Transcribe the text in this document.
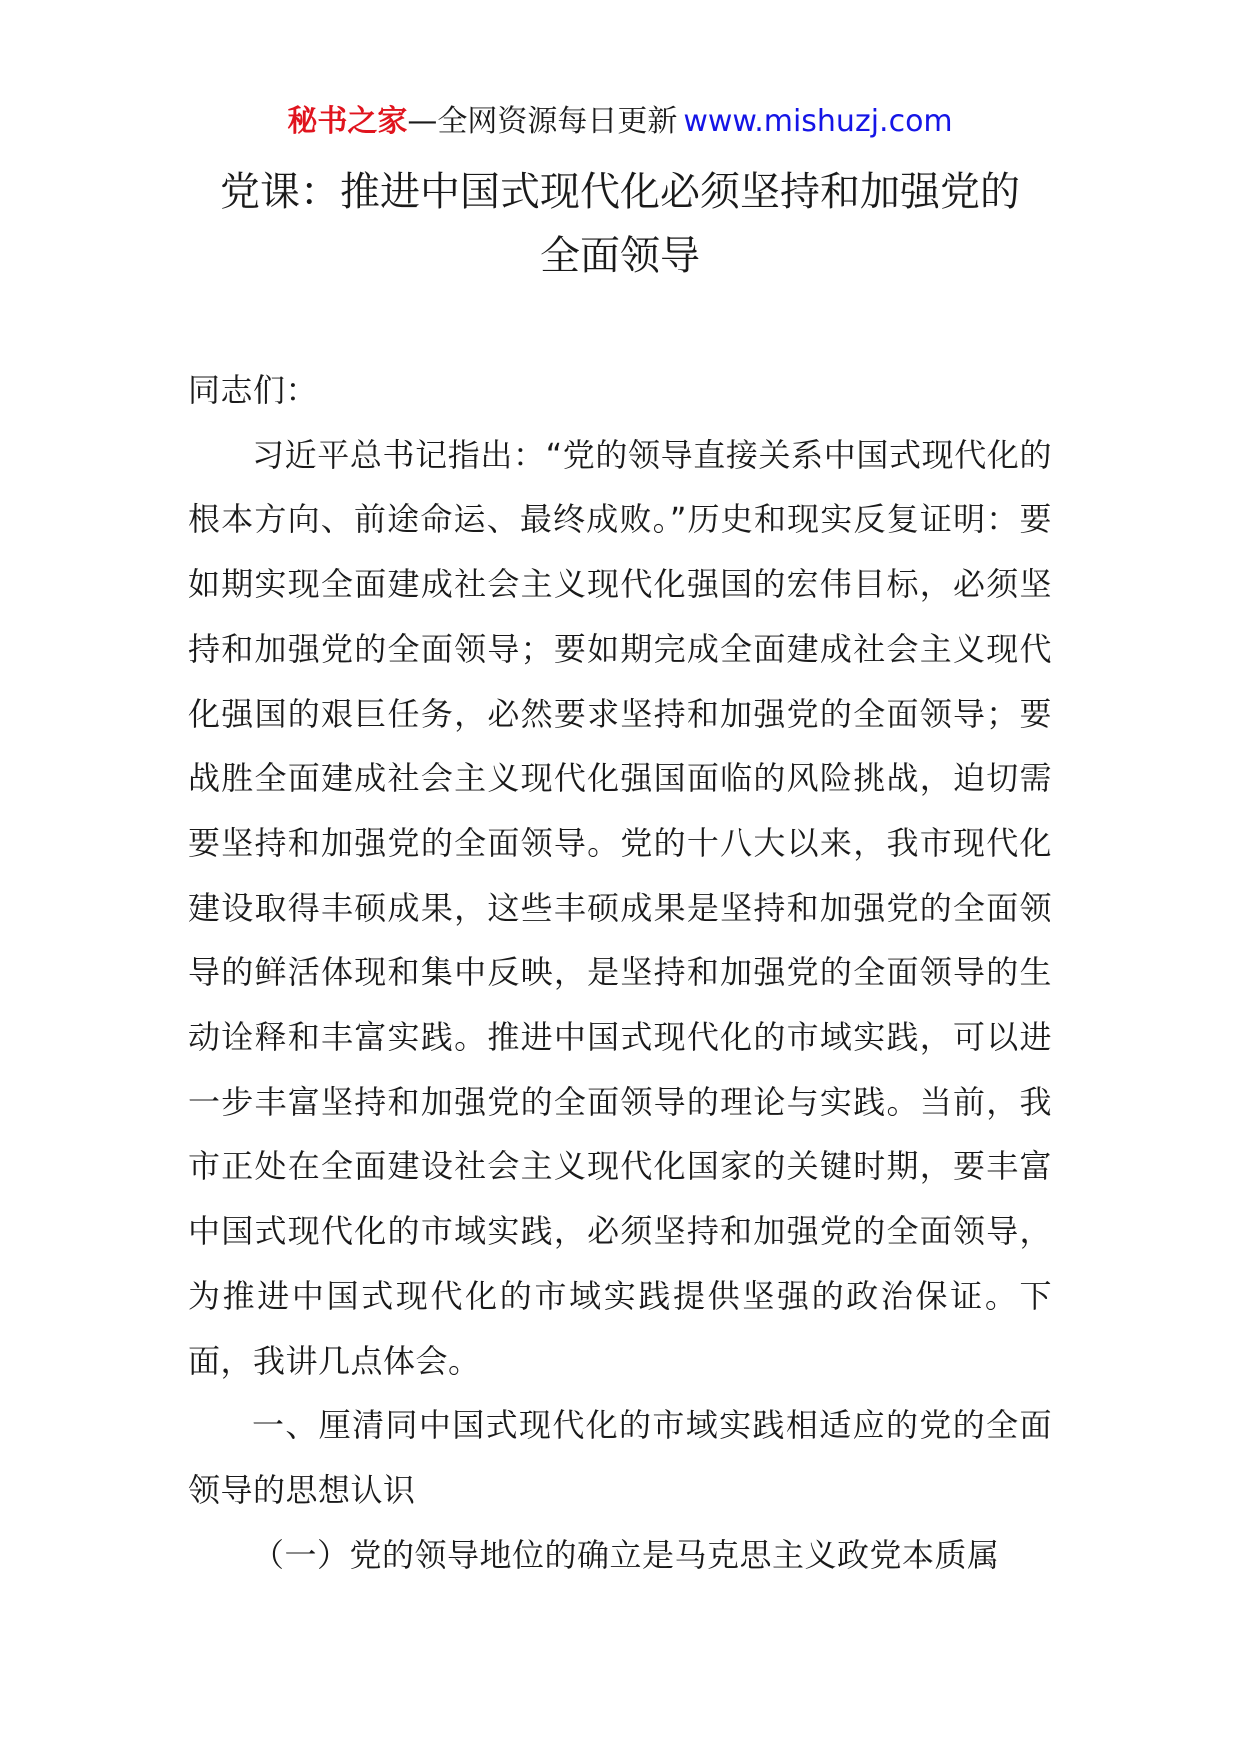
秘书之家—全网资源每日更新 www.mishuzj.com
党课：推进中国式现代化必须坚持和加强党的
全面领导

同志们：

习近平总书记指出：“党的领导直接关系中国式现代化的根本方向、前途命运、最终成败。”历史和现实反复证明：要如期实现全面建成社会主义现代化强国的宏伟目标，必须坚持和加强党的全面领导；要如期完成全面建成社会主义现代化强国的艰巨任务，必然要求坚持和加强党的全面领导；要战胜全面建成社会主义现代化强国面临的风险挑战，迫切需要坚持和加强党的全面领导。党的十八大以来，我市现代化建设取得丰硕成果，这些丰硕成果是坚持和加强党的全面领导的鲜活体现和集中反映，是坚持和加强党的全面领导的生动诠释和丰富实践。推进中国式现代化的市域实践，可以进一步丰富坚持和加强党的全面领导的理论与实践。当前，我市正处在全面建设社会主义现代化国家的关键时期，要丰富中国式现代化的市域实践，必须坚持和加强党的全面领导，为推进中国式现代化的市域实践提供坚强的政治保证。下面，我讲几点体会。

一、厘清同中国式现代化的市域实践相适应的党的全面领导的思想认识

（一）党的领导地位的确立是马克思主义政党本质属
